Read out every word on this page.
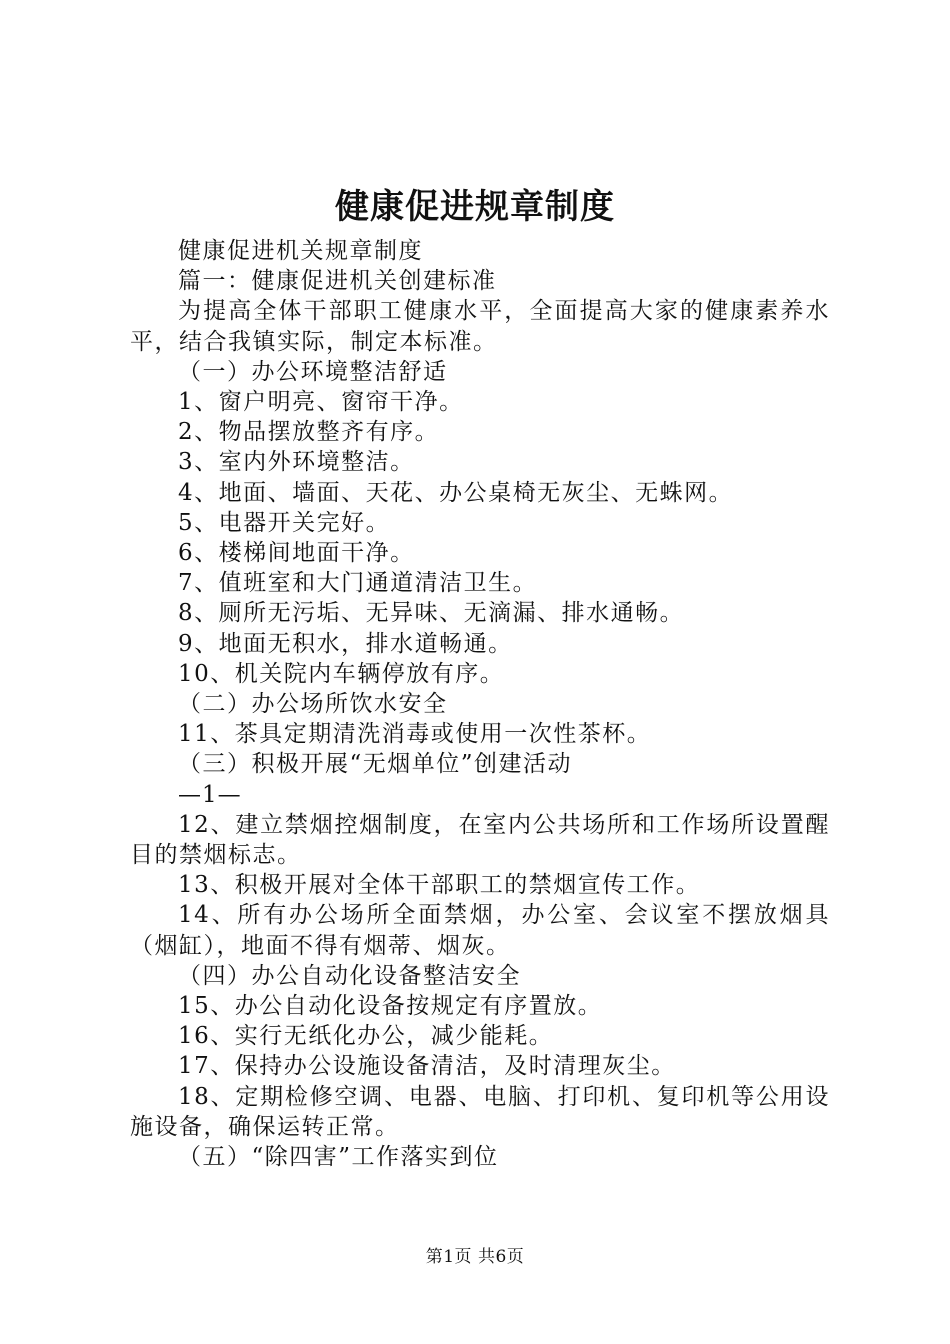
健康促进规章制度

健康促进机关规章制度

篇一：健康促进机关创建标准

为提高全体干部职工健康水平，全面提高大家的健康素养水平，结合我镇实际，制定本标准。

（一）办公环境整洁舒适

1、窗户明亮、窗帘干净。

2、物品摆放整齐有序。

3、室内外环境整洁。

4、地面、墙面、天花、办公桌椅无灰尘、无蛛网。

5、电器开关完好。

6、楼梯间地面干净。

7、值班室和大门通道清洁卫生。

8、厕所无污垢、无异味、无滴漏、排水通畅。

9、地面无积水，排水道畅通。

10、机关院内车辆停放有序。

（二）办公场所饮水安全

11、茶具定期清洗消毒或使用一次性茶杯。

（三）积极开展“无烟单位”创建活动

—1—

12、建立禁烟控烟制度，在室内公共场所和工作场所设置醒目的禁烟标志。

13、积极开展对全体干部职工的禁烟宣传工作。

14、所有办公场所全面禁烟，办公室、会议室不摆放烟具（烟缸），地面不得有烟蒂、烟灰。

（四）办公自动化设备整洁安全

15、办公自动化设备按规定有序置放。

16、实行无纸化办公，减少能耗。

17、保持办公设施设备清洁，及时清理灰尘。

18、定期检修空调、电器、电脑、打印机、复印机等公用设施设备，确保运转正常。

（五）“除四害”工作落实到位

第1页 共6页
